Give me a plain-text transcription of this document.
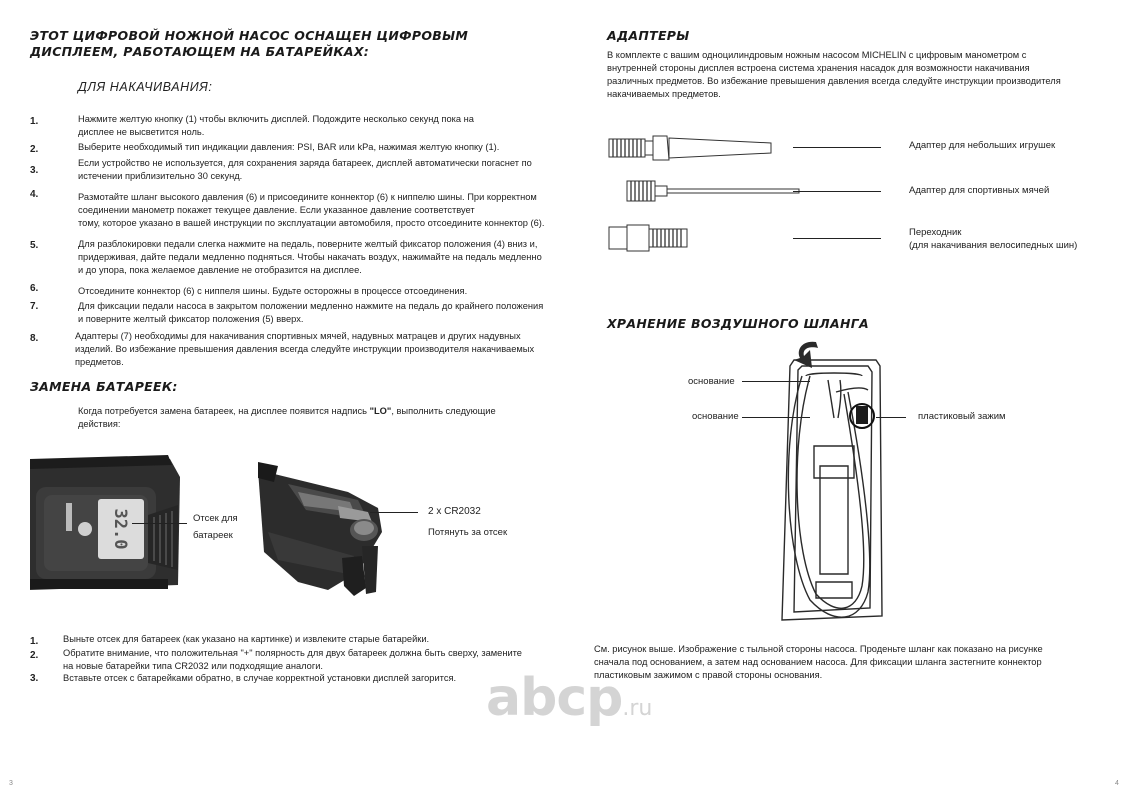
ЭТОТ ЦИФРОВОЙ НОЖНОЙ НАСОС ОСНАЩЕН ЦИФРОВЫМ
ДИСПЛЕЕМ, РАБОТАЮЩЕМ НА БАТАРЕЙКАХ:
ДЛЯ НАКАЧИВАНИЯ:
1.	Нажмите желтую кнопку (1) чтобы включить дисплей. Подождите несколько секунд пока на
дисплее не высветится ноль.
2.	Выберите необходимый тип индикации давления: PSI, BAR или kPa, нажимая желтую кнопку (1).
3.
Если устройство не используется, для сохранения заряда батареек, дисплей автоматически погаснет по
истечении приблизительно 30 секунд.
4.	Размотайте шланг высокого давления (6) и присоедините коннектор (6) к ниппелю шины. При корректном
соединении манометр покажет текущее давление. Если указанное давление соответствует
тому, которое указано в вашей инструкции по эксплуатации автомобиля, просто отсоедините коннектор (6).
5.	Для разблокировки педали слегка нажмите на педаль, поверните желтый фиксатор положения (4) вниз и,
придерживая, дайте педали медленно подняться. Чтобы накачать воздух, нажимайте на педаль медленно
и до упора, пока желаемое давление не отобразится на дисплее.
6.	Отсоедините коннектор (6) с ниппеля шины. Будьте осторожны в процессе отсоединения.
7.	Для фиксации педали насоса в закрытом положении медленно нажмите на педаль до крайнего положения
и поверните желтый фиксатор положения (5) вверх.
8.	Адаптеры (7) необходимы для накачивания спортивных мячей, надувных матрацев и других надувных
изделий. Во избежание превышения давления всегда следуйте инструкции производителя накачиваемых
предметов.
ЗАМЕНА БАТАРЕЕК:
Когда потребуется замена батареек, на дисплее появится надпись "LO", выполнить следующие
действия:
32.0	Отсек для
батареек
2 x CR2032
Потянуть за отсек
1.	Выньте отсек для батареек (как указано на картинке) и извлеките старые батарейки.
2.	Обратите внимание, что положительная "+" полярность для двух батареек должна быть сверху, замените
на новые батарейки типа CR2032 или подходящие аналоги.
3.	Вставьте отсек с батарейками обратно, в случае корректной установки дисплей загорится.
3
АДАПТЕРЫ
В комплекте с вашим одноцилиндровым ножным насосом MICHELIN с цифровым манометром с
внутренней стороны дисплея встроена система хранения насадок для возможности накачивания
различных предметов. Во избежание превышения давления всегда следуйте инструкции производителя
накачиваемых предметов.
Адаптер для небольших игрушек
Адаптер для спортивных мячей
Переходник
(для накачивания велосипедных шин)
ХРАНЕНИЕ ВОЗДУШНОГО ШЛАНГА
основание
основание	пластиковый зажим
См. рисунок выше. Изображение с тыльной стороны насоса. Проденьте шланг как показано на рисунке
сначала под основанием, а затем над основанием насоса. Для фиксации шланга застегните коннектор
пластиковым зажимом с правой стороны основания.
4
abcp.ru
